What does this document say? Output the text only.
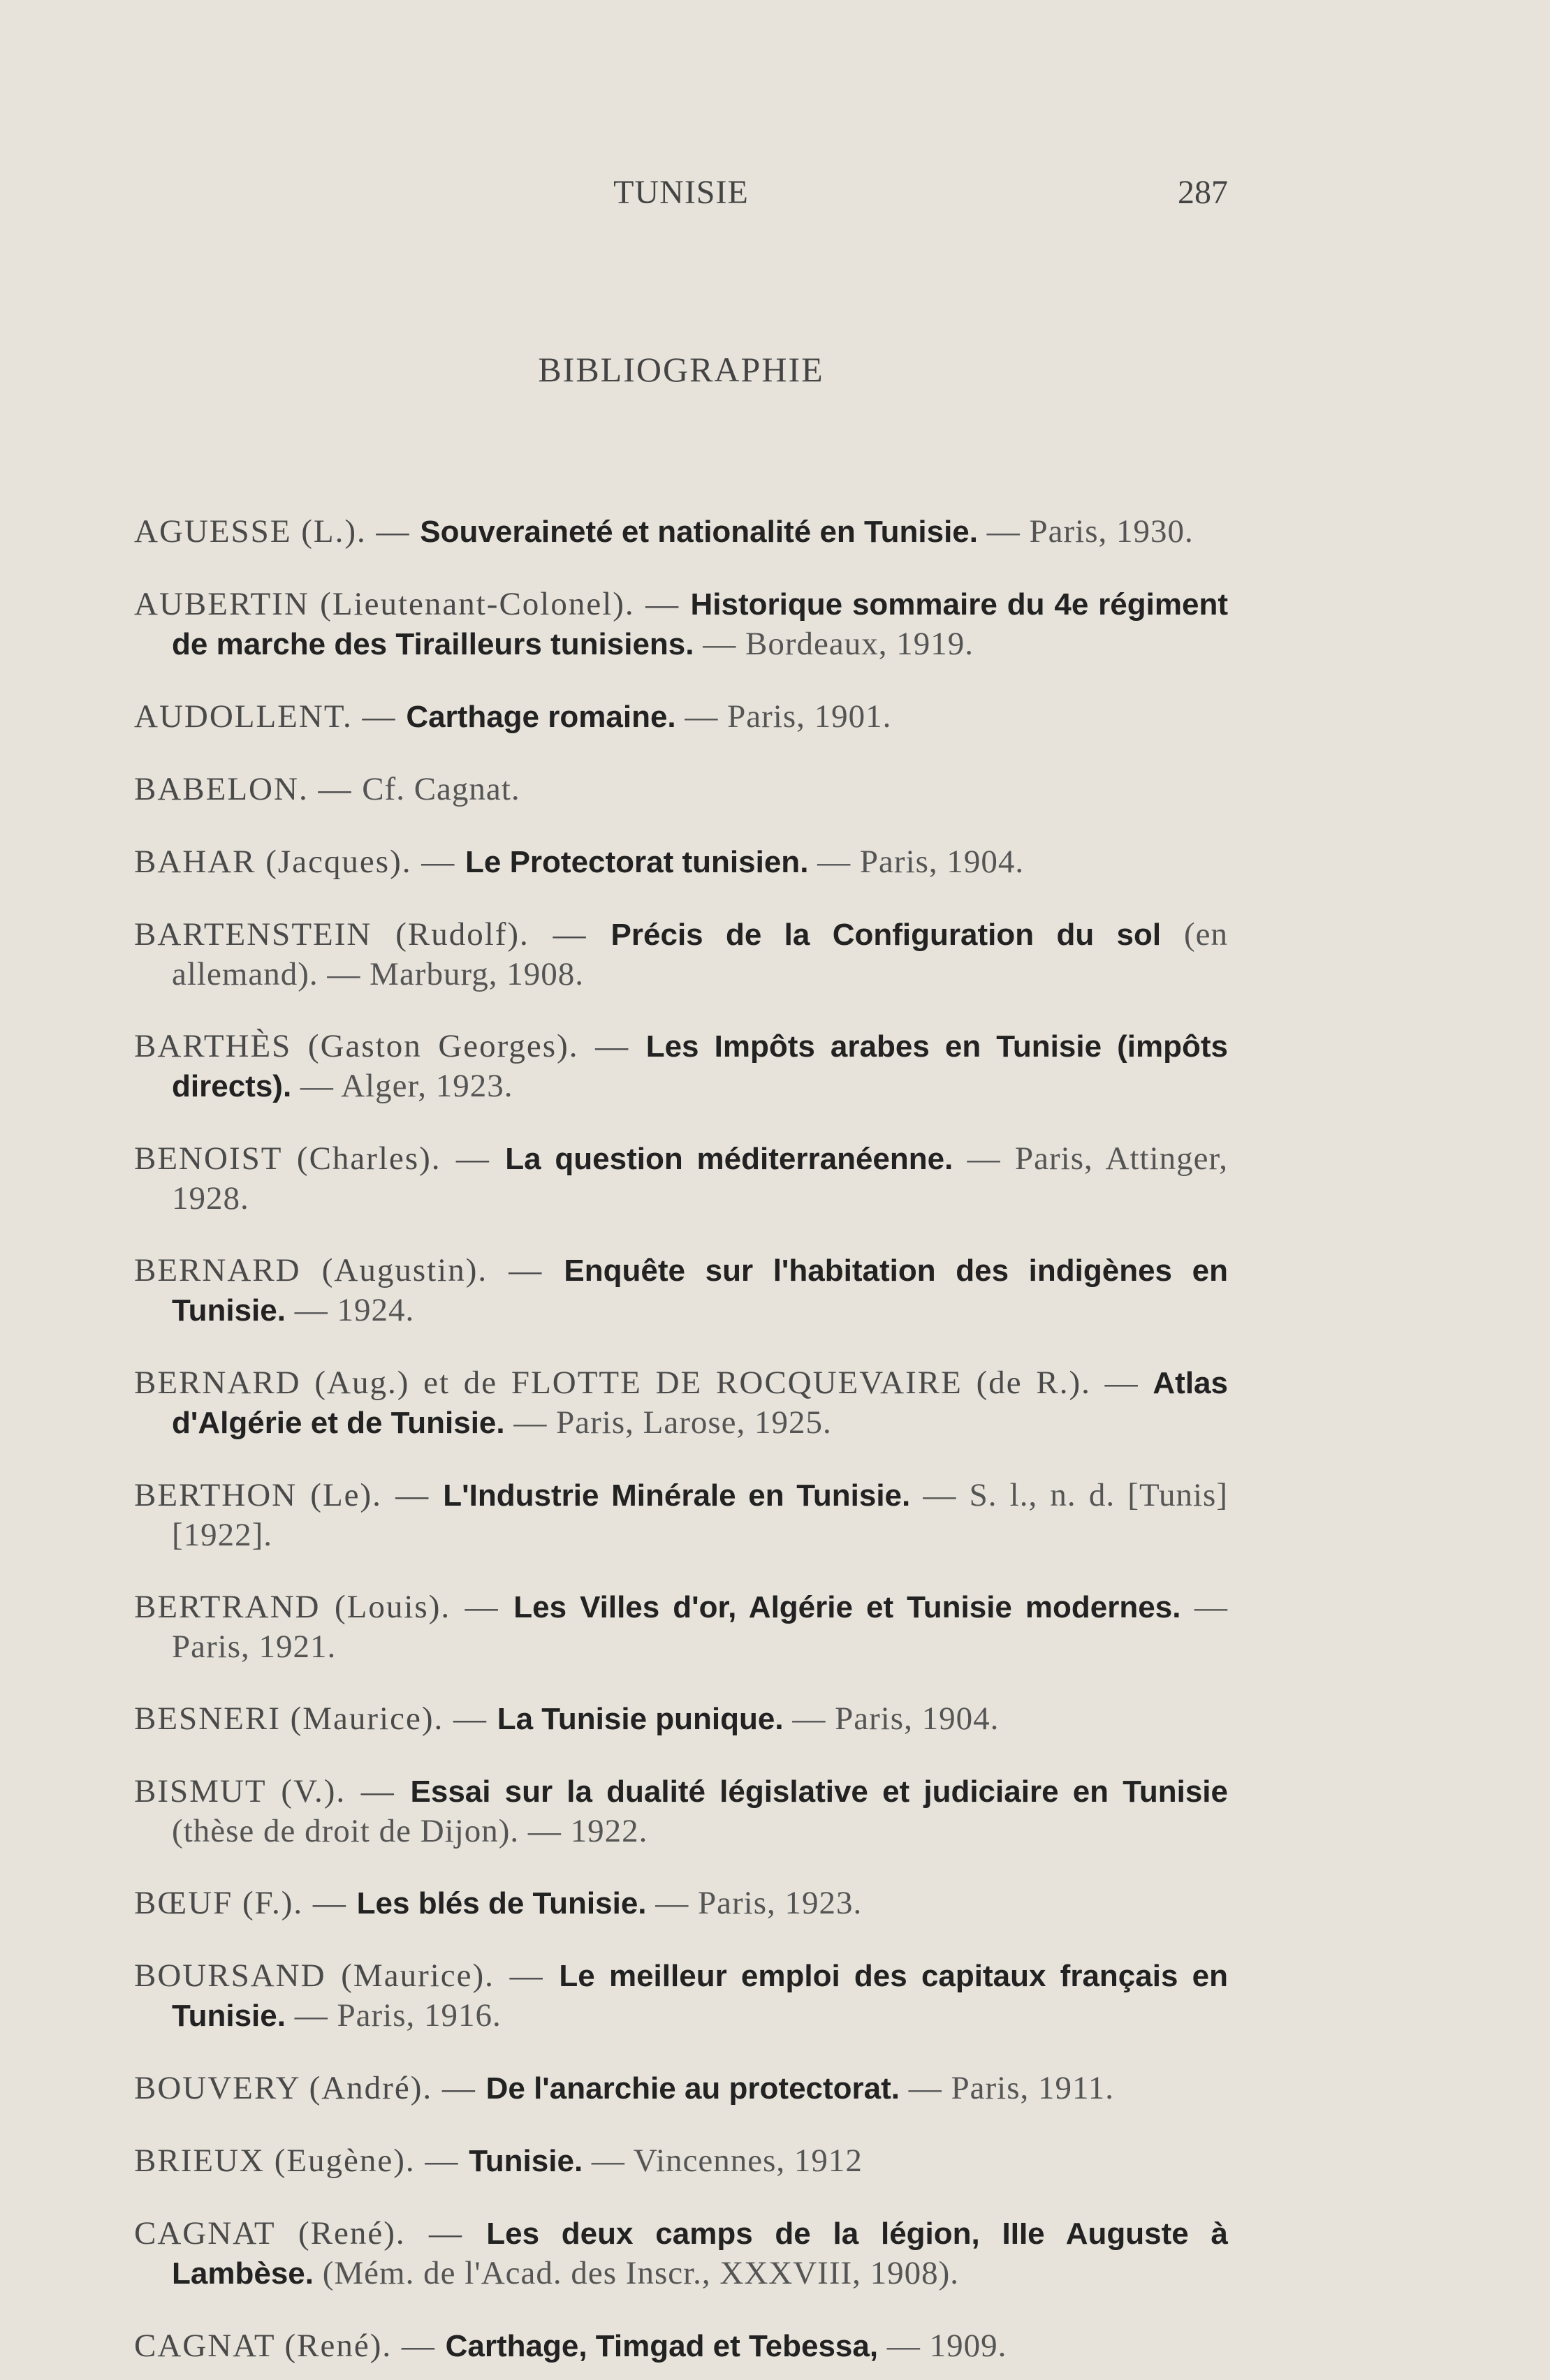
TUNISIE	287
BIBLIOGRAPHIE

AGUESSE (L.). — Souveraineté et nationalité en Tunisie. — Paris, 1930.

AUBERTIN (Lieutenant-Colonel). — Historique sommaire du 4e régiment de marche des Tirailleurs tunisiens. — Bordeaux, 1919.

AUDOLLENT. — Carthage romaine. — Paris, 1901.

BABELON. — Cf. Cagnat.

BAHAR (Jacques). — Le Protectorat tunisien. — Paris, 1904.

BARTENSTEIN (Rudolf). — Précis de la Configuration du sol (en allemand). — Marburg, 1908.

BARTHÈS (Gaston Georges). — Les Impôts arabes en Tunisie (impôts directs). — Alger, 1923.

BENOIST (Charles). — La question méditerranéenne. — Paris, Attinger, 1928.

BERNARD (Augustin). — Enquête sur l'habitation des indigènes en Tunisie. — 1924.

BERNARD (Aug.) et de FLOTTE DE ROCQUEVAIRE (de R.). — Atlas d'Algérie et de Tunisie. — Paris, Larose, 1925.

BERTHON (Le). — L'Industrie Minérale en Tunisie. — S. l., n. d. [Tunis] [1922].

BERTRAND (Louis). — Les Villes d'or, Algérie et Tunisie modernes. — Paris, 1921.

BESNERI (Maurice). — La Tunisie punique. — Paris, 1904.

BISMUT (V.). — Essai sur la dualité législative et judiciaire en Tunisie (thèse de droit de Dijon). — 1922.

BŒUF (F.). — Les blés de Tunisie. — Paris, 1923.

BOURSAND (Maurice). — Le meilleur emploi des capitaux français en Tunisie. — Paris, 1916.

BOUVERY (André). — De l'anarchie au protectorat. — Paris, 1911.

BRIEUX (Eugène). — Tunisie. — Vincennes, 1912

CAGNAT (René). — Les deux camps de la légion, IIIe Auguste à Lambèse. (Mém. de l'Acad. des Inscr., XXXVIII, 1908).

CAGNAT (René). — Carthage, Timgad et Tebessa, — 1909.
